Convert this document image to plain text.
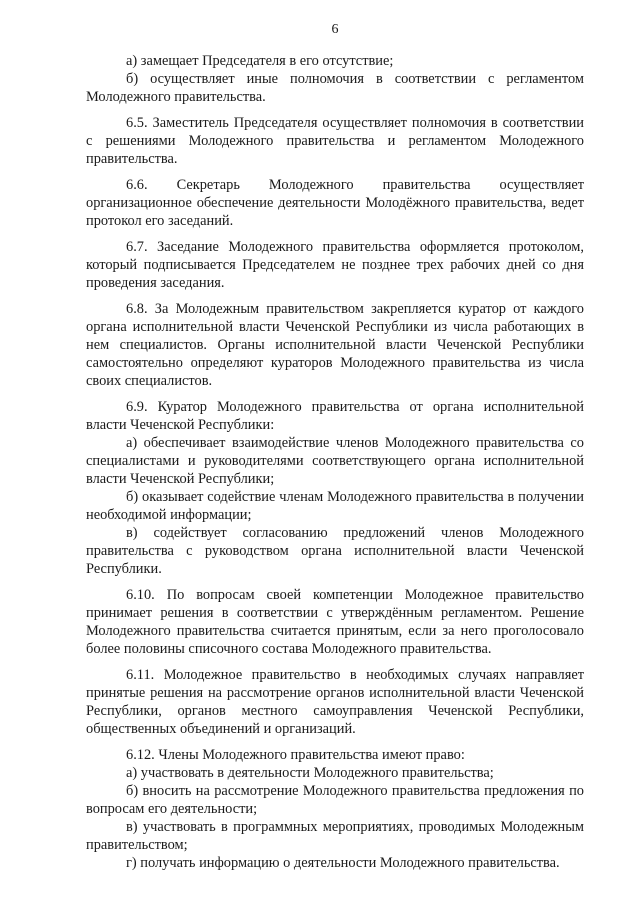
6

а) замещает Председателя в его отсутствие;

б) осуществляет иные полномочия в соответствии с регламентом Молодежного правительства.

6.5. Заместитель Председателя осуществляет полномочия в соответствии с решениями Молодежного правительства и регламентом Молодежного правительства.

6.6. Секретарь Молодежного правительства осуществляет организационное обеспечение деятельности Молодёжного правительства, ведет протокол его заседаний.

6.7. Заседание Молодежного правительства оформляется протоколом, который подписывается Председателем не позднее трех рабочих дней со дня проведения заседания.

6.8. За Молодежным правительством закрепляется куратор от каждого органа исполнительной власти Чеченской Республики из числа работающих в нем специалистов. Органы исполнительной власти Чеченской Республики самостоятельно определяют кураторов Молодежного правительства из числа своих специалистов.

6.9. Куратор Молодежного правительства от органа исполнительной власти Чеченской Республики:

а) обеспечивает взаимодействие членов Молодежного правительства со специалистами и руководителями соответствующего органа исполнительной власти Чеченской Республики;

б) оказывает содействие членам Молодежного правительства в получении необходимой информации;

в) содействует согласованию предложений членов Молодежного правительства с руководством органа исполнительной власти Чеченской Республики.

6.10. По вопросам своей компетенции Молодежное правительство принимает решения в соответствии с утверждённым регламентом. Решение Молодежного правительства считается принятым, если за него проголосовало более половины списочного состава Молодежного правительства.

6.11. Молодежное правительство в необходимых случаях направляет принятые решения на рассмотрение органов исполнительной власти Чеченской Республики, органов местного самоуправления Чеченской Республики, общественных объединений и организаций.

6.12. Члены Молодежного правительства имеют право:

а) участвовать в деятельности Молодежного правительства;

б) вносить на рассмотрение Молодежного правительства предложения по вопросам его деятельности;

в) участвовать в программных мероприятиях, проводимых Молодежным правительством;

г) получать информацию о деятельности Молодежного правительства.
